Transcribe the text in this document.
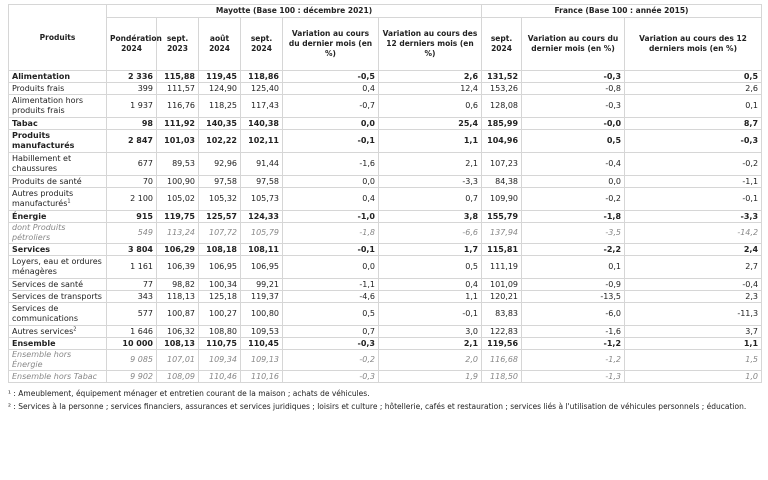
Produits	Mayotte (Base 100 : décembre 2021)						France (Base 100 : année 2015)		
	Pondération 2024	sept. 2023	août 2024	sept. 2024	Variation au cours du dernier mois (en %)	Variation au cours des 12 derniers mois (en %)	sept. 2024	Variation au cours du dernier mois (en %)	Variation au cours des 12 derniers mois (en %)
Alimentation	2 336	115,88	119,45	118,86	-0,5	2,6	131,52	-0,3	0,5
Produits frais	399	111,57	124,90	125,40	0,4	12,4	153,26	-0,8	2,6
Alimentation hors produits frais	1 937	116,76	118,25	117,43	-0,7	0,6	128,08	-0,3	0,1
Tabac	98	111,92	140,35	140,38	0,0	25,4	185,99	-0,0	8,7
Produits manufacturés	2 847	101,03	102,22	102,11	-0,1	1,1	104,96	0,5	-0,3
Habillement et chaussures	677	89,53	92,96	91,44	-1,6	2,1	107,23	-0,4	-0,2
Produits de santé	70	100,90	97,58	97,58	0,0	-3,3	84,38	0,0	-1,1
Autres produits manufacturés$^1$	2 100	105,02	105,32	105,73	0,4	0,7	109,90	-0,2	-0,1
Énergie	915	119,75	125,57	124,33	-1,0	3,8	155,79	-1,8	-3,3
dont Produits pétroliers	549	113,24	107,72	105,79	-1,8	-6,6	137,94	-3,5	-14,2
Services	3 804	106,29	108,18	108,11	-0,1	1,7	115,81	-2,2	2,4
Loyers, eau et ordures ménagères	1 161	106,39	106,95	106,95	0,0	0,5	111,19	0,1	2,7
Services de santé	77	98,82	100,34	99,21	-1,1	0,4	101,09	-0,9	-0,4
Services de transports	343	118,13	125,18	119,37	-4,6	1,1	120,21	-13,5	2,3
Services de communications	577	100,87	100,27	100,80	0,5	-0,1	83,83	-6,0	-11,3
Autres services$^2$	1 646	106,32	108,80	109,53	0,7	3,0	122,83	-1,6	3,7
Ensemble	10 000	108,13	110,75	110,45	-0,3	2,1	119,56	-1,2	1,1
Ensemble hors Énergie	9 085	107,01	109,34	109,13	-0,2	2,0	116,68	-1,2	1,5
Ensemble hors Tabac	9 902	108,09	110,46	110,16	-0,3	1,9	118,50	-1,3	1,0
¹ : Ameublement, équipement ménager et entretien courant de la maison ; achats de véhicules.
² : Services à la personne ; services financiers, assurances et services juridiques ; loisirs et culture ; hôtellerie, cafés et restauration ; services liés à l'utilisation de véhicules personnels ; éducation.
